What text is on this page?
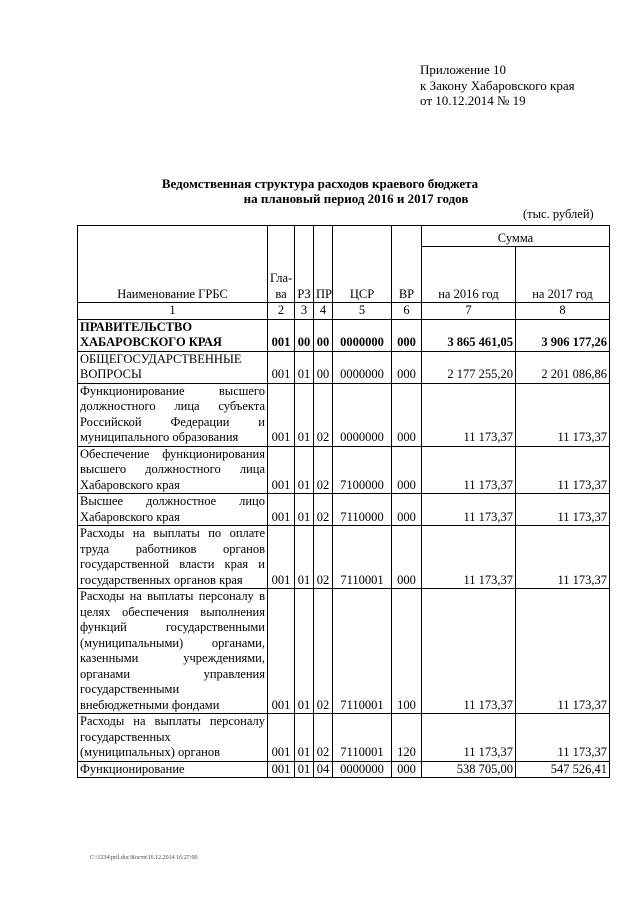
Приложение 10
к Закону Хабаровского края
от 10.12.2014 № 19
Ведомственная структура расходов краевого бюджета
на плановый период 2016 и 2017 годов
(тыс. рублей)
Наименование ГРБС	Гла-ва	РЗ	ПР	ЦСР	ВР	Сумма	
						на 2016 год	на 2017 год
1	2	3	4	5	6	7	8
ПРАВИТЕЛЬСТВО ХАБАРОВСКОГО КРАЯ	001	00	00	0000000	000	3 865 461,05	3 906 177,26
ОБЩЕГОСУДАРСТВЕННЫЕ ВОПРОСЫ	001	01	00	0000000	000	2 177 255,20	2 201 086,86
Функционирование высшего должностного лица субъекта Российской Федерации и муниципального образования	001	01	02	0000000	000	11 173,37	11 173,37
Обеспечение функционирования высшего должностного лица Хабаровского края	001	01	02	7100000	000	11 173,37	11 173,37
Высшее должностное лицо Хабаровского края	001	01	02	7110000	000	11 173,37	11 173,37
Расходы на выплаты по оплате труда работников органов государственной власти края и государственных органов края	001	01	02	7110001	000	11 173,37	11 173,37
Расходы на выплаты персоналу в целях обеспечения выполнения функций государственными (муниципальными) органами, казенными учреждениями, органами управления государственными внебюджетными фондами	001	01	02	7110001	100	11 173,37	11 173,37
Расходы на выплаты персоналу государственных (муниципальных) органов	001	01	02	7110001	120	11 173,37	11 173,37
Функционирование	001	01	04	0000000	000	538 705,00	547 526,41
C:\1234\pril.doc\Костя\16.12.2014 16:27:00
